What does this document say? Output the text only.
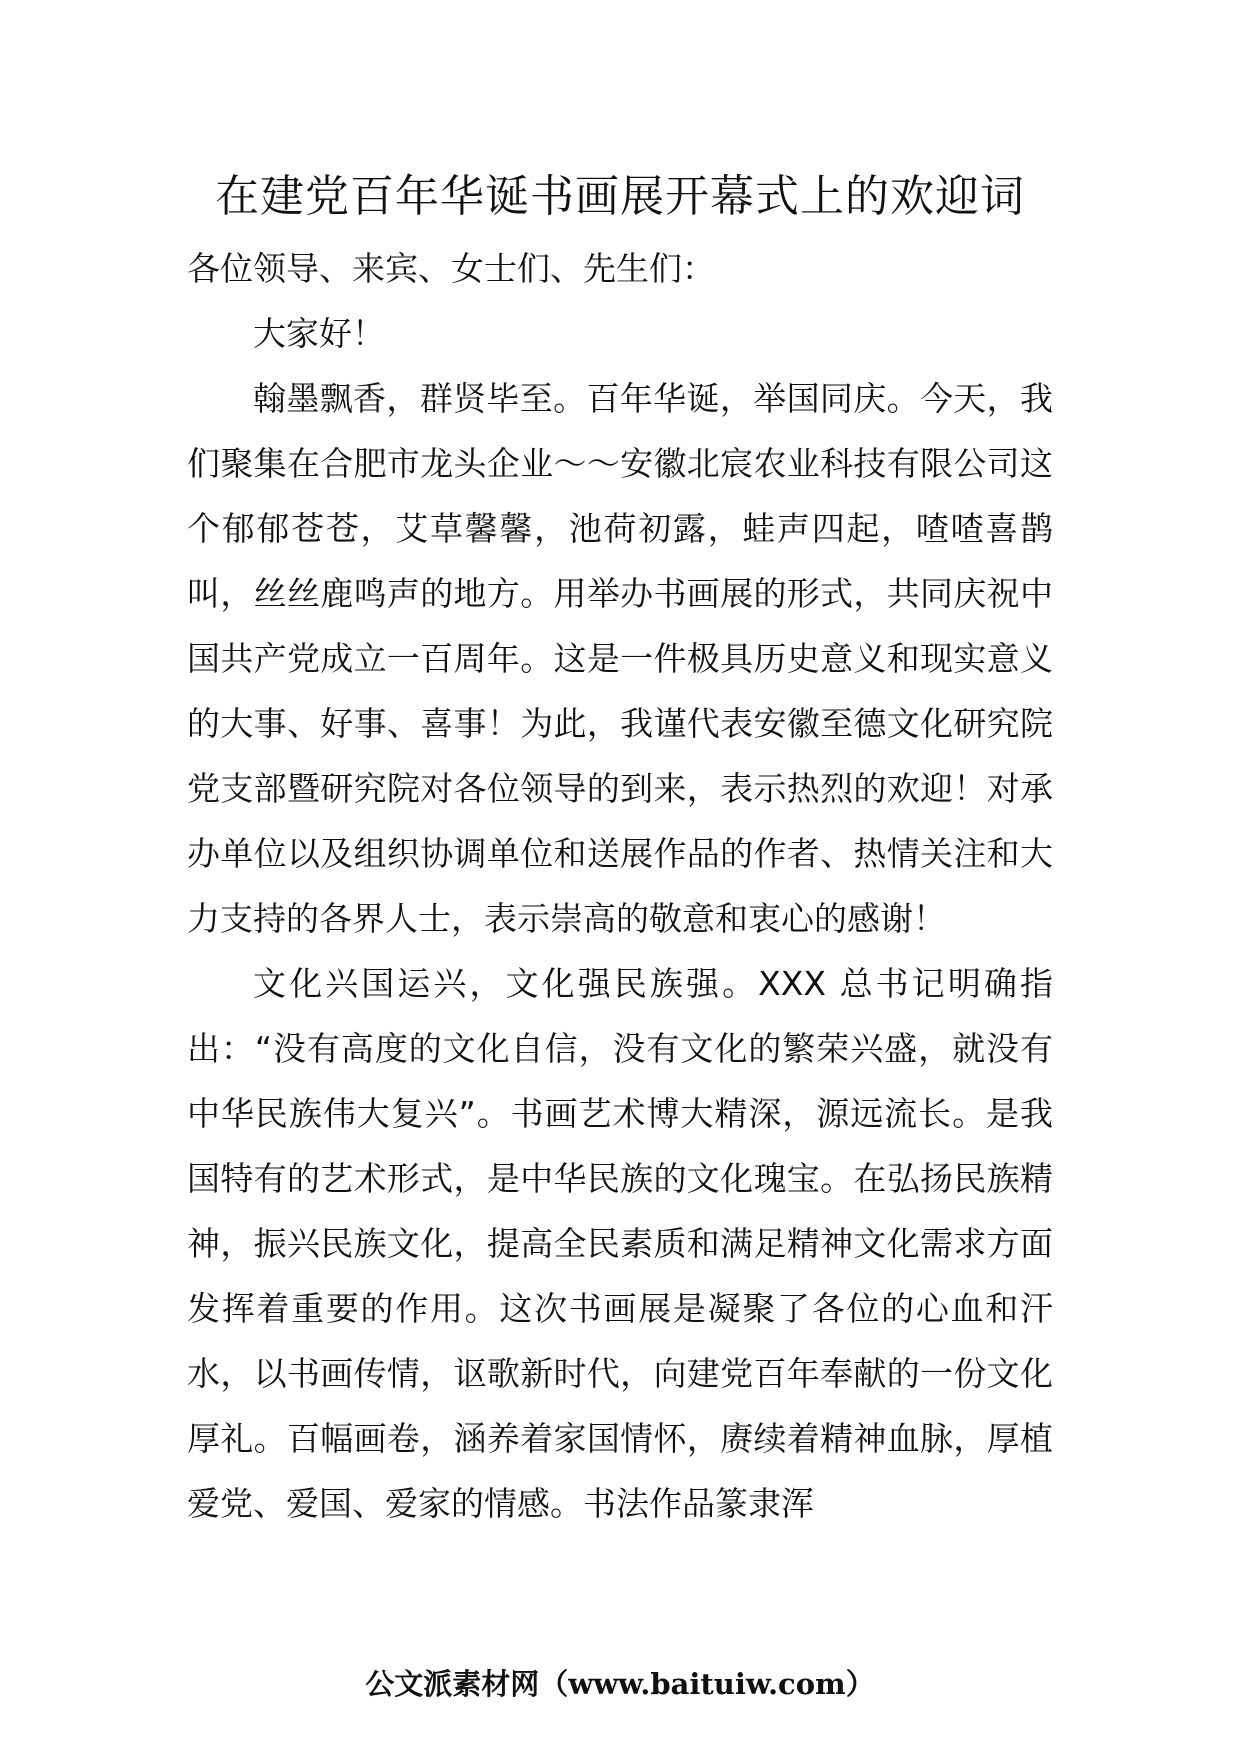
在建党百年华诞书画展开幕式上的欢迎词

各位领导、来宾、女士们、先生们：

大家好！

翰墨飘香，群贤毕至。百年华诞，举国同庆。今天，我们聚集在合肥市龙头企业～～安徽北宸农业科技有限公司这个郁郁苍苍，艾草馨馨，池荷初露，蛙声四起，喳喳喜鹊叫，丝丝鹿鸣声的地方。用举办书画展的形式，共同庆祝中国共产党成立一百周年。这是一件极具历史意义和现实意义的大事、好事、喜事！为此，我谨代表安徽至德文化研究院党支部暨研究院对各位领导的到来，表示热烈的欢迎！对承办单位以及组织协调单位和送展作品的作者、热情关注和大力支持的各界人士，表示崇高的敬意和衷心的感谢！

文化兴国运兴，文化强民族强。XXX 总书记明确指出：“没有高度的文化自信，没有文化的繁荣兴盛，就没有中华民族伟大复兴”。书画艺术博大精深，源远流长。是我国特有的艺术形式，是中华民族的文化瑰宝。在弘扬民族精神，振兴民族文化，提高全民素质和满足精神文化需求方面发挥着重要的作用。这次书画展是凝聚了各位的心血和汗水，以书画传情，讴歌新时代，向建党百年奉献的一份文化厚礼。百幅画卷，涵养着家国情怀，赓续着精神血脉，厚植爱党、爱国、爱家的情感。书法作品篆隶浑

公文派素材网（www.baituiw.com）
